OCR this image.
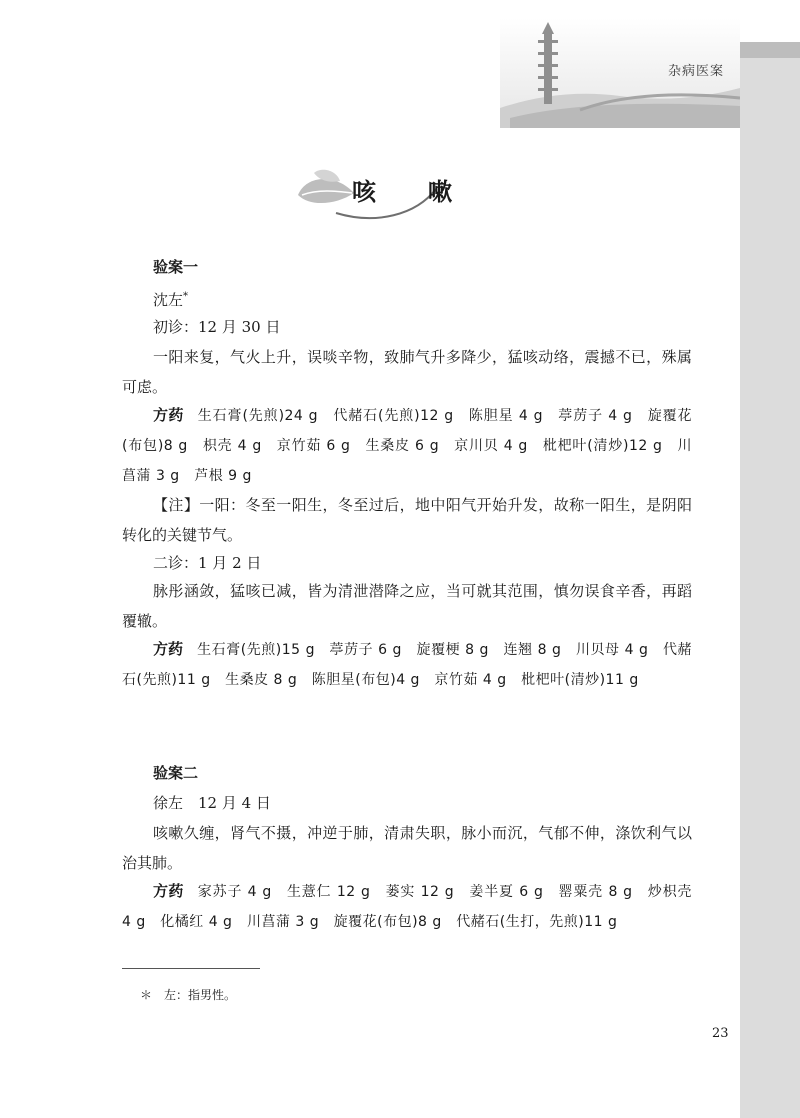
杂病医案
咳 嗽
验案一
沈左*
初诊：12 月 30 日
一阳来复，气火上升，误啖辛物，致肺气升多降少，猛咳动络，震撼不已，殊属可虑。
方药 生石膏(先煎)24 g　代赭石(先煎)12 g　陈胆星 4 g　葶苈子 4 g　旋覆花(布包)8 g　枳壳 4 g　京竹茹 6 g　生桑皮 6 g　京川贝 4 g　枇杷叶(清炒)12 g　川菖蒲 3 g　芦根 9 g
【注】一阳：冬至一阳生，冬至过后，地中阳气开始升发，故称一阳生，是阴阳转化的关键节气。
二诊：1 月 2 日
脉彤涵敛，猛咳已减，皆为清泄潜降之应，当可就其范围，慎勿误食辛香，再蹈覆辙。
方药 生石膏(先煎)15 g　葶苈子 6 g　旋覆梗 8 g　连翘 8 g　川贝母 4 g　代赭石(先煎)11 g　生桑皮 8 g　陈胆星(布包)4 g　京竹茹 4 g　枇杷叶(清炒)11 g
验案二
徐左　12 月 4 日
咳嗽久缠，肾气不摄，冲逆于肺，清肃失职，脉小而沉，气郁不伸，涤饮利气以治其肺。
方药 家苏子 4 g　生薏仁 12 g　蒌实 12 g　姜半夏 6 g　罂粟壳 8 g　炒枳壳 4 g　化橘红 4 g　川菖蒲 3 g　旋覆花(布包)8 g　代赭石(生打，先煎)11 g
＊　左：指男性。
23
